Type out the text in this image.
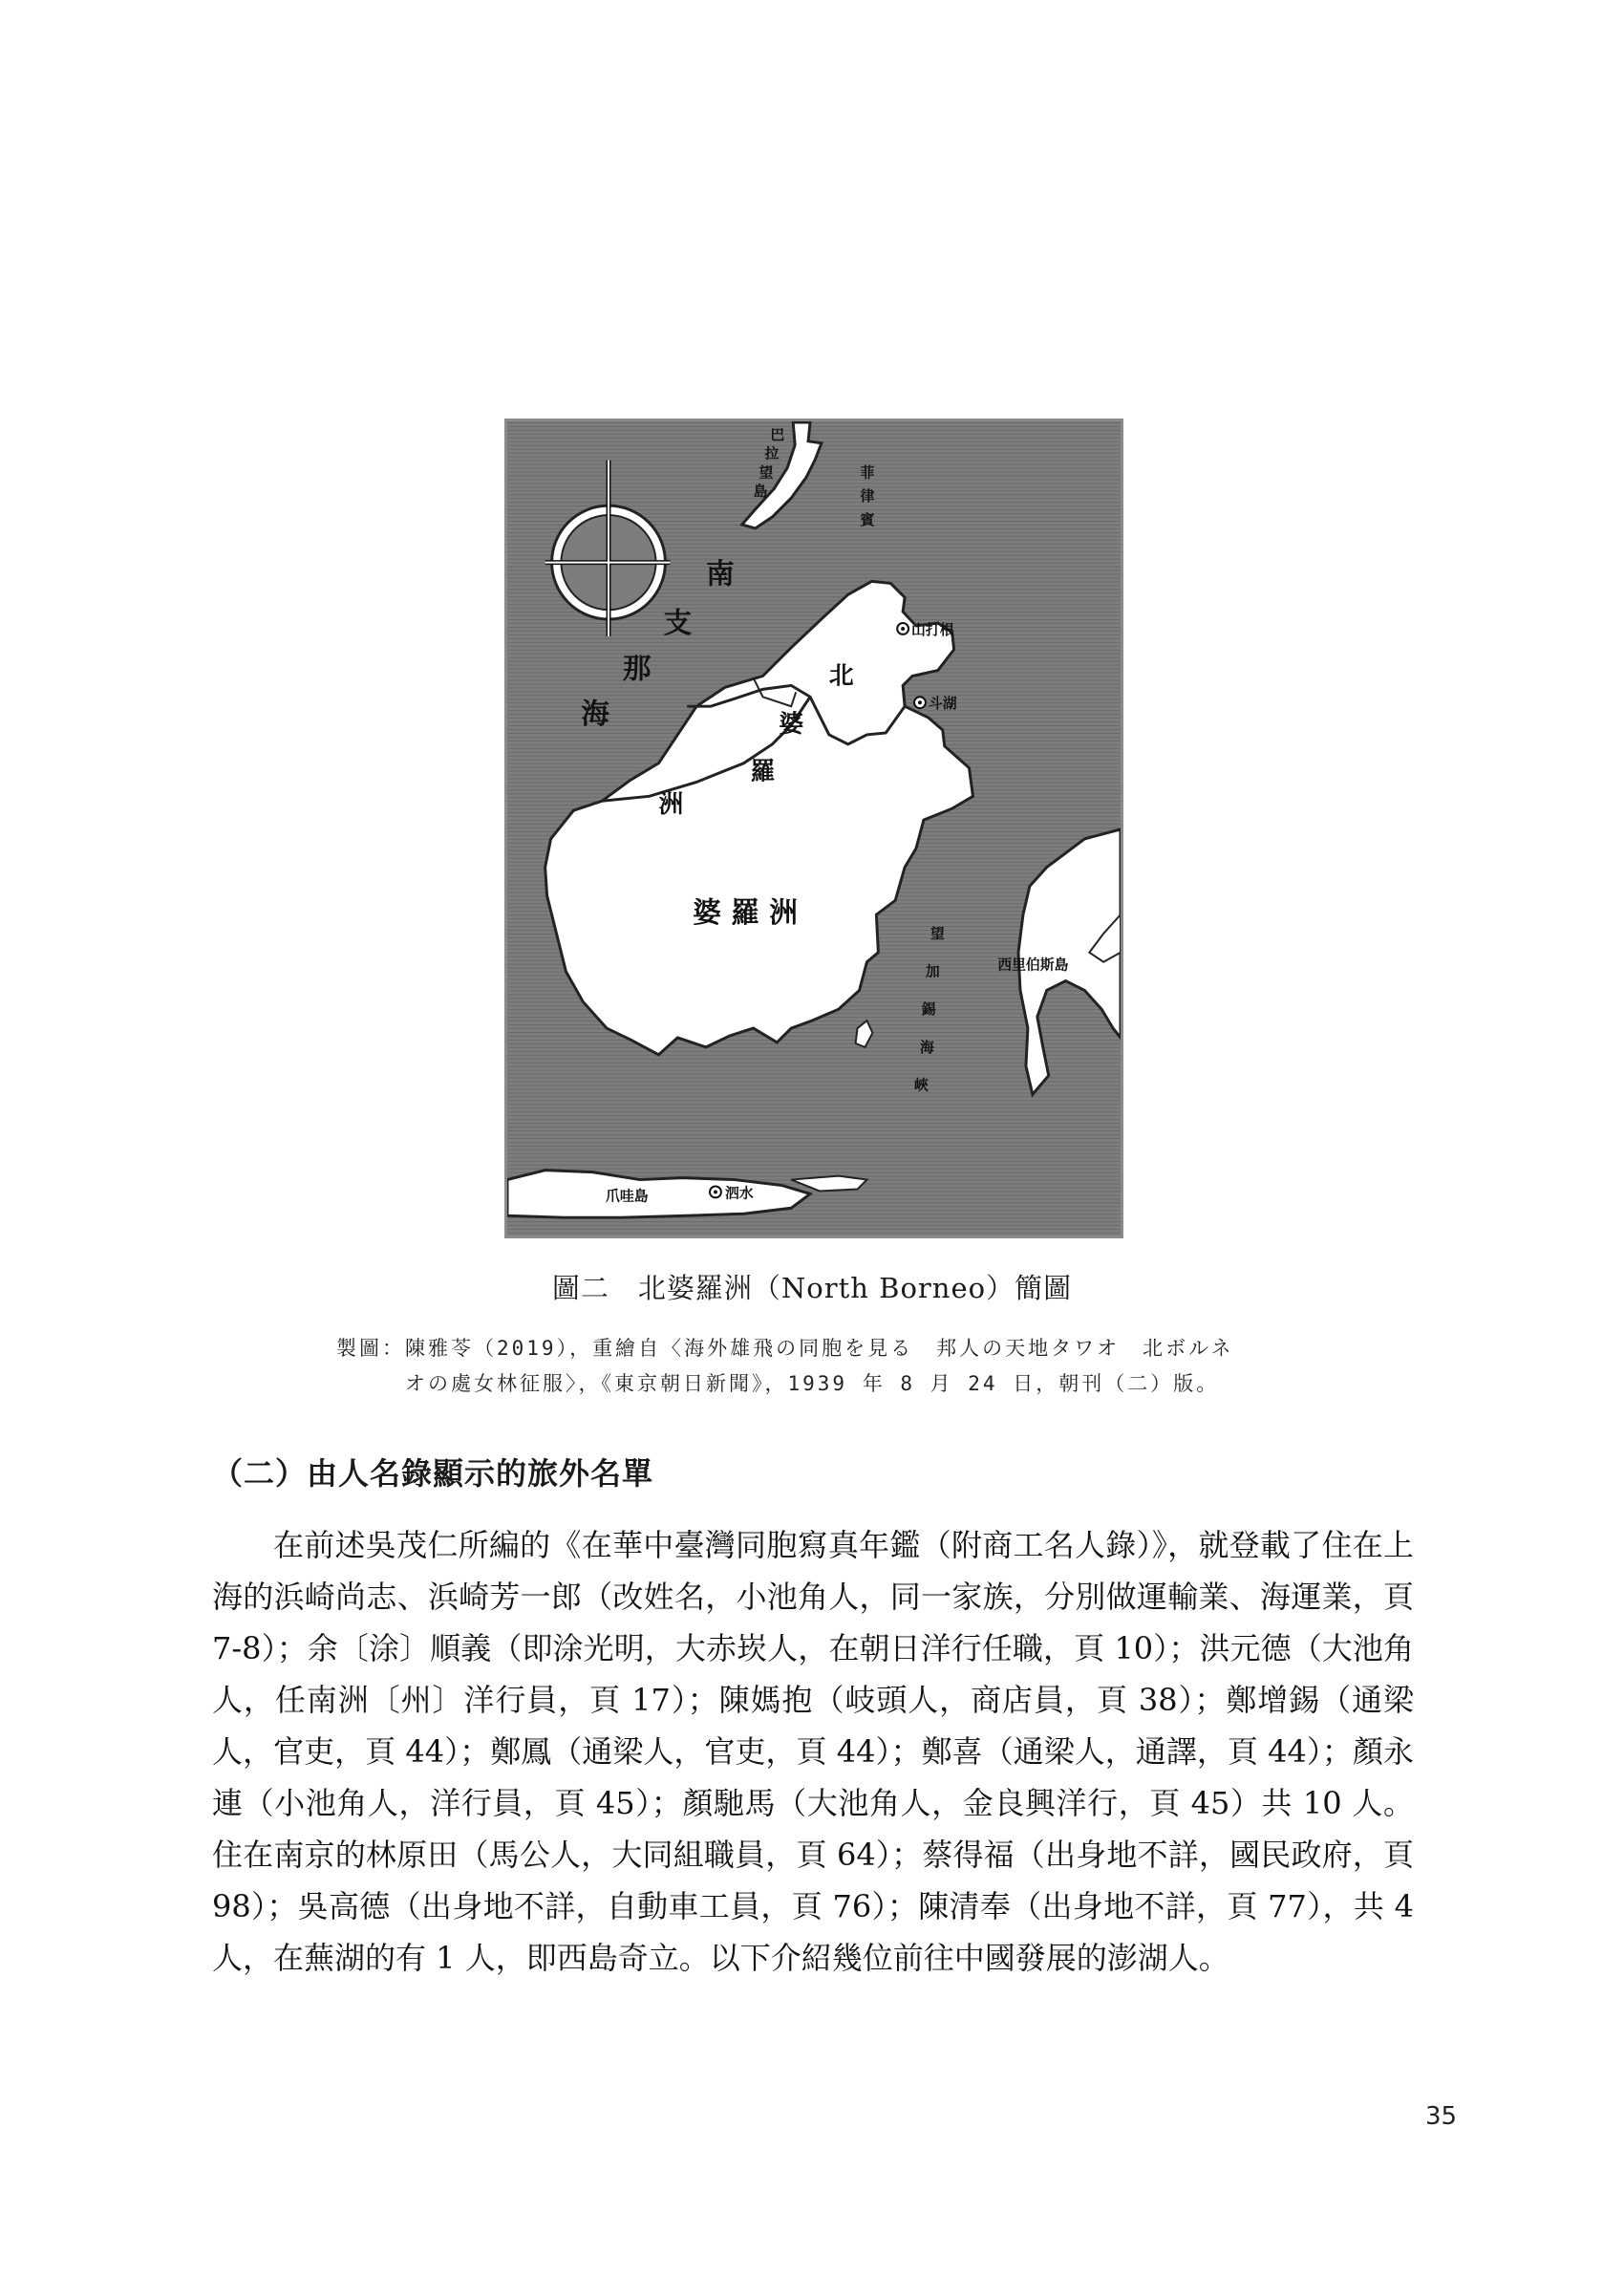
南
支
那
海
北
婆
羅
洲
婆 羅 洲
望
加
錫
海
峽
菲
律
賓
巴
拉
望
島
山打根
斗湖
西里伯斯島
爪哇島	泗水
圖二　北婆羅洲（North Borneo）簡圖
製圖：陳雅苓（2019），重繪自〈海外雄飛の同胞を見る　邦人の天地タワオ　北ボルネ
オの處女林征服〉，《東京朝日新聞》，1939 年 8 月 24 日，朝刊（二）版。
（二）由人名錄顯示的旅外名單

在前述吳茂仁所編的《在華中臺灣同胞寫真年鑑（附商工名人錄）》，就登載了住在上海的浜崎尚志、浜崎芳一郎（改姓名，小池角人，同一家族，分別做運輸業、海運業，頁 7-8）；余〔涂〕順義（即涂光明，大赤崁人，在朝日洋行任職，頁 10）；洪元德（大池角人，任南洲〔州〕洋行員，頁 17）；陳媽抱（岐頭人，商店員，頁 38）；鄭增錫（通梁人，官吏，頁 44）；鄭鳳（通梁人，官吏，頁 44）；鄭喜（通梁人，通譯，頁 44）；顏永連（小池角人，洋行員，頁 45）；顏馳馬（大池角人，金良興洋行，頁 45）共 10 人。住在南京的林原田（馬公人，大同組職員，頁 64）；蔡得福（出身地不詳，國民政府，頁 98）；吳高德（出身地不詳，自動車工員，頁 76）；陳清奉（出身地不詳，頁 77），共 4 人，在蕪湖的有 1 人，即西島奇立。以下介紹幾位前往中國發展的澎湖人。

35
